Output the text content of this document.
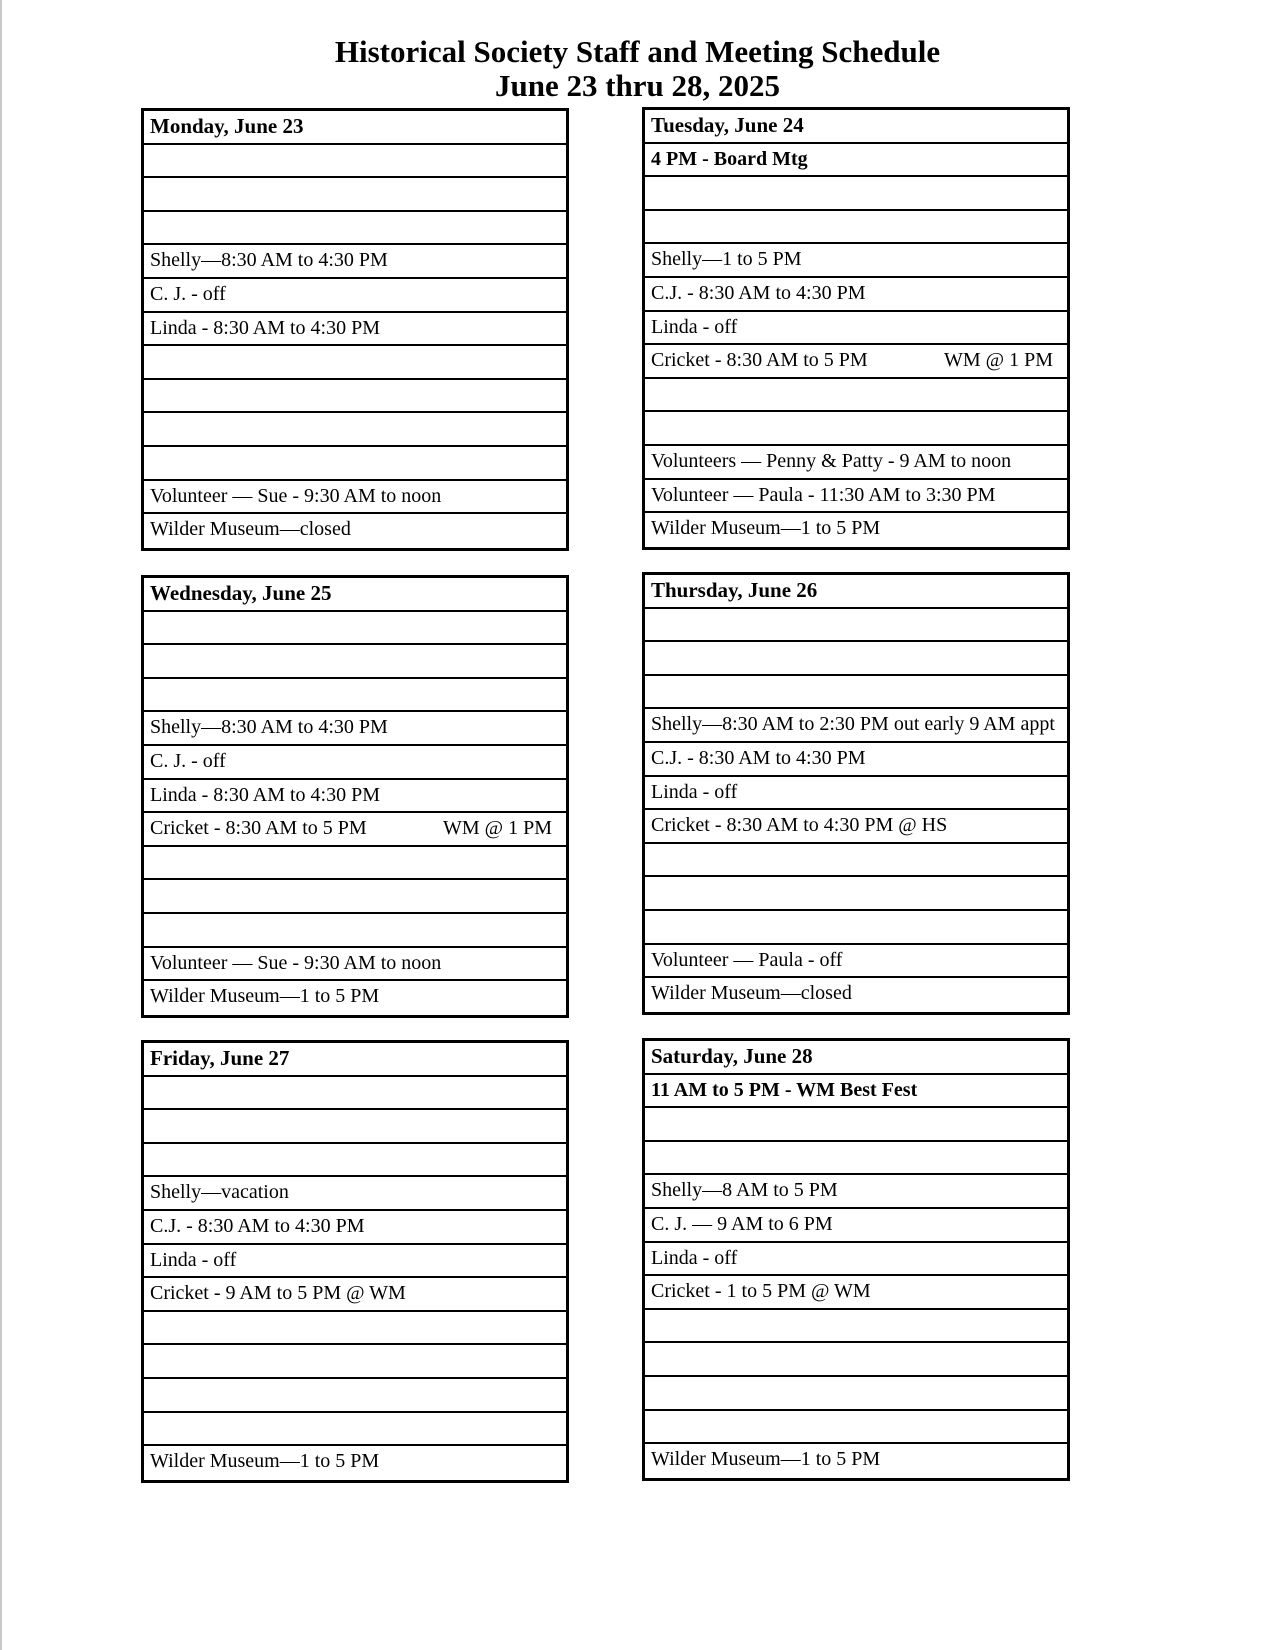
Historical Society Staff and Meeting Schedule
June 23 thru 28, 2025
Monday, June 23
Shelly—8:30 AM to 4:30 PM
C. J. - off
Linda - 8:30 AM to 4:30 PM
Volunteer — Sue - 9:30 AM to noon
Wilder Museum—closed
Tuesday, June 24
4 PM - Board Mtg
Shelly—1 to 5 PM
C.J. - 8:30 AM to 4:30 PM
Linda - off
Cricket - 8:30 AM to 5 PM	WM @ 1 PM
Volunteers — Penny & Patty - 9 AM to noon
Volunteer — Paula - 11:30 AM to 3:30 PM
Wilder Museum—1 to 5 PM
Wednesday, June 25
Shelly—8:30 AM to 4:30 PM
C. J. - off
Linda - 8:30 AM to 4:30 PM
Cricket - 8:30 AM to 5 PM	WM @ 1 PM
Volunteer — Sue - 9:30 AM to noon
Wilder Museum—1 to 5 PM
Thursday, June 26
Shelly—8:30 AM to 2:30 PM out early 9 AM appt
C.J. - 8:30 AM to 4:30 PM
Linda - off
Cricket - 8:30 AM to 4:30 PM @ HS
Volunteer — Paula - off
Wilder Museum—closed
Friday, June 27
Shelly—vacation
C.J. - 8:30 AM to 4:30 PM
Linda - off
Cricket - 9 AM to 5 PM @ WM
Wilder Museum—1 to 5 PM
Saturday, June 28
11 AM to 5 PM - WM Best Fest
Shelly—8 AM to 5 PM
C. J. — 9 AM to 6 PM
Linda - off
Cricket - 1 to 5 PM @ WM
Wilder Museum—1 to 5 PM
